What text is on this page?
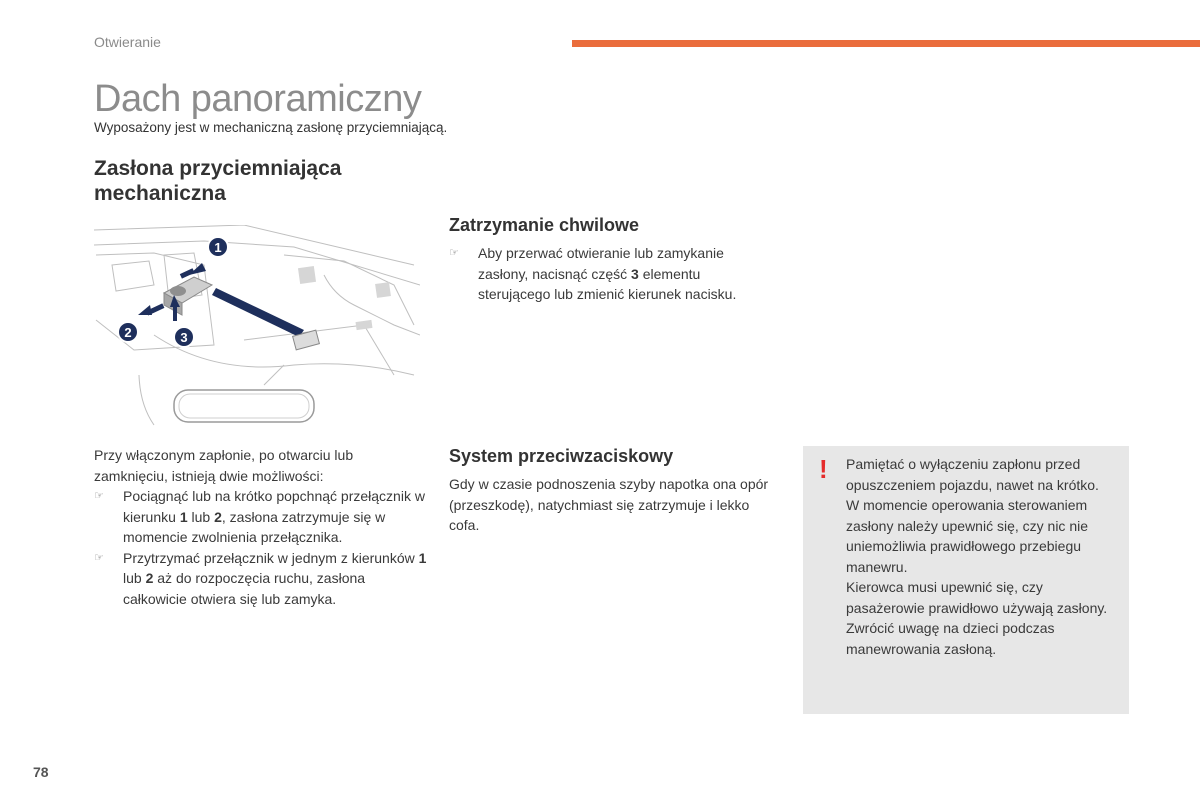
Otwieranie
Dach panoramiczny
Wyposażony jest w mechaniczną zasłonę przyciemniającą.
Zasłona przyciemniająca mechaniczna
1
2	3
Przy włączonym zapłonie, po otwarciu lub zamknięciu, istnieją dwie możliwości:
☞ Pociągnąć lub na krótko popchnąć przełącznik w kierunku 1 lub 2, zasłona zatrzymuje się w momencie zwolnienia przełącznika.
☞ Przytrzymać przełącznik w jednym z kierunków 1 lub 2 aż do rozpoczęcia ruchu, zasłona całkowicie otwiera się lub zamyka.
Zatrzymanie chwilowe
☞ Aby przerwać otwieranie lub zamykanie zasłony, nacisnąć część 3 elementu sterującego lub zmienić kierunek nacisku.
System przeciwzaciskowy
Gdy w czasie podnoszenia szyby napotka ona opór (przeszkodę), natychmiast się zatrzymuje i lekko cofa.
! Pamiętać o wyłączeniu zapłonu przed opuszczeniem pojazdu, nawet na krótko.

W momencie operowania sterowaniem zasłony należy upewnić się, czy nic nie uniemożliwia prawidłowego przebiegu manewru.

Kierowca musi upewnić się, czy pasażerowie prawidłowo używają zasłony.

Zwrócić uwagę na dzieci podczas manewrowania zasłoną.

78
